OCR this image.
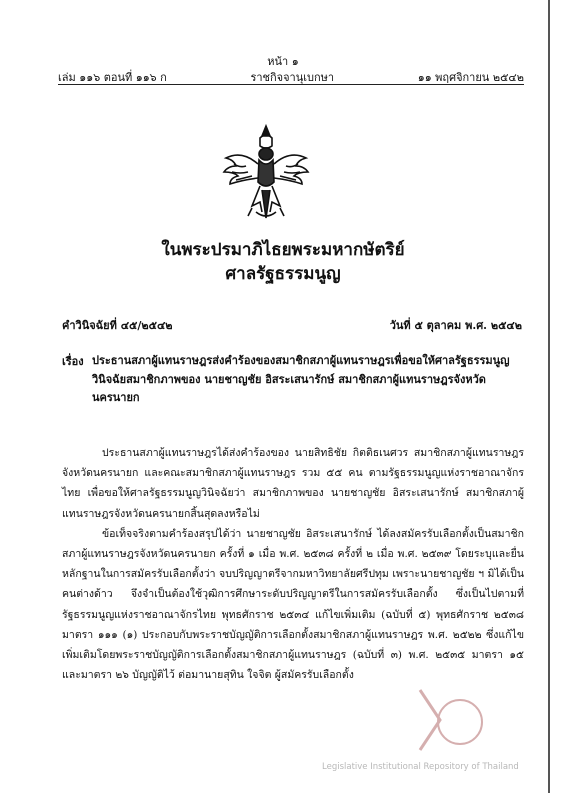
หน้า ๑
เล่ม ๑๑๖ ตอนที่ ๑๑๖ ก	ราชกิจจานุเบกษา	๑๑ พฤศจิกายน ๒๕๔๒
ในพระปรมาภิไธยพระมหากษัตริย์
ศาลรัฐธรรมนูญ
คำวินิจฉัยที่ ๔๕/๒๕๔๒	วันที่ ๕ ตุลาคม พ.ศ. ๒๕๔๒
เรื่อง ประธานสภาผู้แทนราษฎรส่งคำร้องของสมาชิกสภาผู้แทนราษฎรเพื่อขอให้ศาลรัฐธรรมนูญ วินิจฉัยสมาชิกภาพของ นายชาญชัย อิสระเสนารักษ์ สมาชิกสภาผู้แทนราษฎรจังหวัดนครนายก

ประธานสภาผู้แทนราษฎรได้ส่งคำร้องของ นายสิทธิชัย กิตติธเนศวร สมาชิกสภาผู้แทนราษฎรจังหวัดนครนายก และคณะสมาชิกสภาผู้แทนราษฎร รวม ๕๕ คน ตามรัฐธรรมนูญแห่งราชอาณาจักรไทย เพื่อขอให้ศาลรัฐธรรมนูญวินิจฉัยว่า สมาชิกภาพของ นายชาญชัย อิสระเสนารักษ์ สมาชิกสภาผู้แทนราษฎรจังหวัดนครนายกสิ้นสุดลงหรือไม่

ข้อเท็จจริงตามคำร้องสรุปได้ว่า นายชาญชัย อิสระเสนารักษ์ ได้ลงสมัครรับเลือกตั้งเป็นสมาชิกสภาผู้แทนราษฎรจังหวัดนครนายก ครั้งที่ ๑ เมื่อ พ.ศ. ๒๕๓๘ ครั้งที่ ๒ เมื่อ พ.ศ. ๒๕๓๙ โดยระบุและยื่นหลักฐานในการสมัครรับเลือกตั้งว่า จบปริญญาตรีจากมหาวิทยาลัยศรีปทุม เพราะนายชาญชัย ฯ มิได้เป็นคนต่างด้าว จึงจำเป็นต้องใช้วุฒิการศึกษาระดับปริญญาตรีในการสมัครรับเลือกตั้ง ซึ่งเป็นไปตามที่รัฐธรรมนูญแห่งราชอาณาจักรไทย พุทธศักราช ๒๕๓๔ แก้ไขเพิ่มเติม (ฉบับที่ ๕) พุทธศักราช ๒๕๓๘ มาตรา ๑๑๑ (๑) ประกอบกับพระราชบัญญัติการเลือกตั้งสมาชิกสภาผู้แทนราษฎร พ.ศ. ๒๕๒๒ ซึ่งแก้ไขเพิ่มเติมโดยพระราชบัญญัติการเลือกตั้งสมาชิกสภาผู้แทนราษฎร (ฉบับที่ ๓) พ.ศ. ๒๕๓๕ มาตรา ๑๕ และมาตรา ๒๖ บัญญัติไว้ ต่อมานายสุทิน ใจจิต ผู้สมัครรับเลือกตั้ง

Legislative Institutional Repository of Thailand
